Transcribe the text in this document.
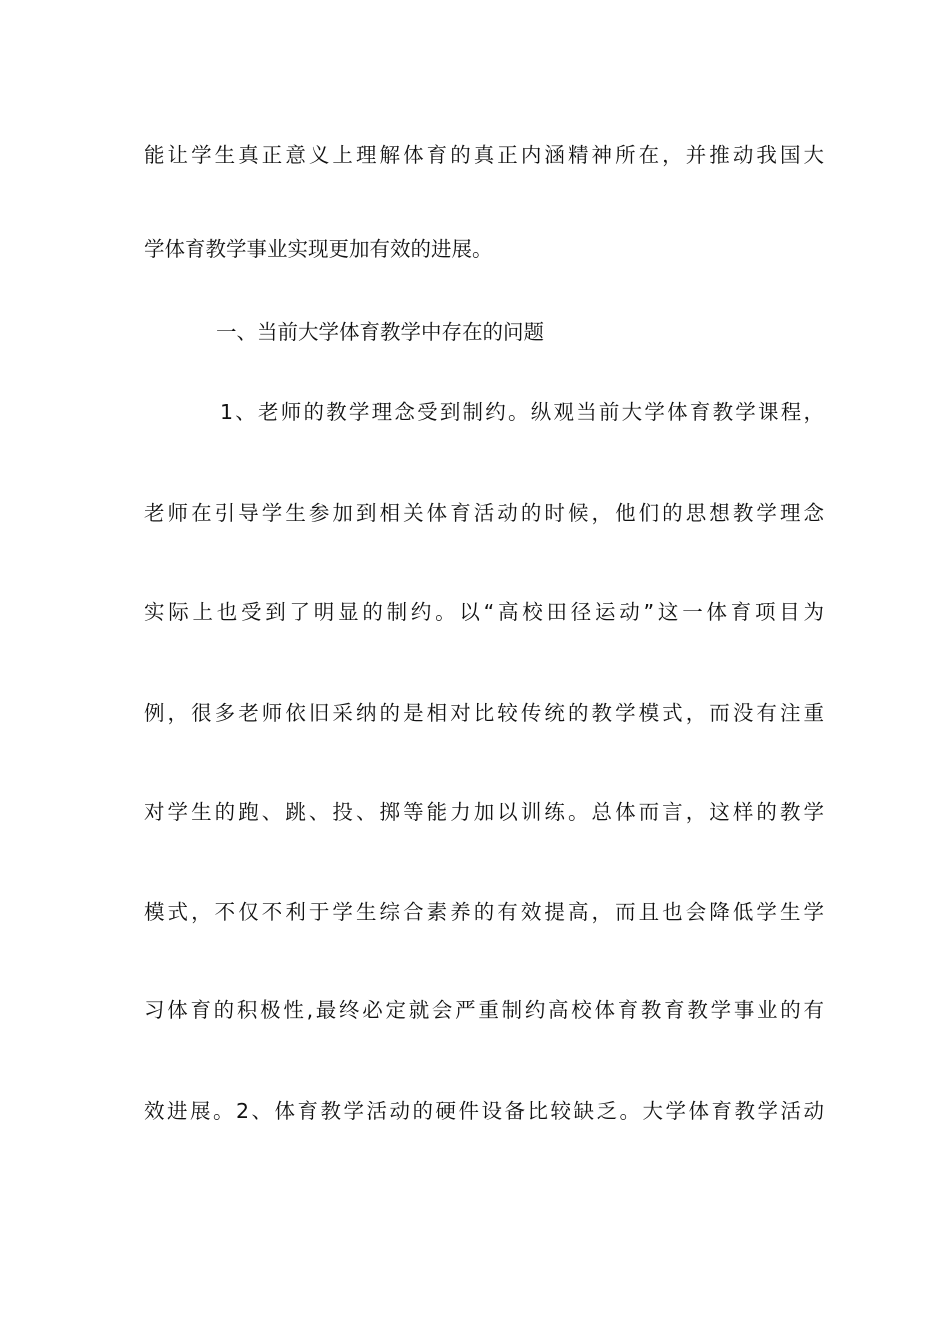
能让学生真正意义上理解体育的真正内涵精神所在，并推动我国大
学体育教学事业实现更加有效的进展。
一、当前大学体育教学中存在的问题
1、老师的教学理念受到制约。纵观当前大学体育教学课程，
老师在引导学生参加到相关体育活动的时候，他们的思想教学理念
实际上也受到了明显的制约。以“高校田径运动”这一体育项目为
例，很多老师依旧采纳的是相对比较传统的教学模式，而没有注重
对学生的跑、跳、投、掷等能力加以训练。总体而言，这样的教学
模式，不仅不利于学生综合素养的有效提高，而且也会降低学生学
习体育的积极性,最终必定就会严重制约高校体育教育教学事业的有
效进展。2、体育教学活动的硬件设备比较缺乏。大学体育教学活动
